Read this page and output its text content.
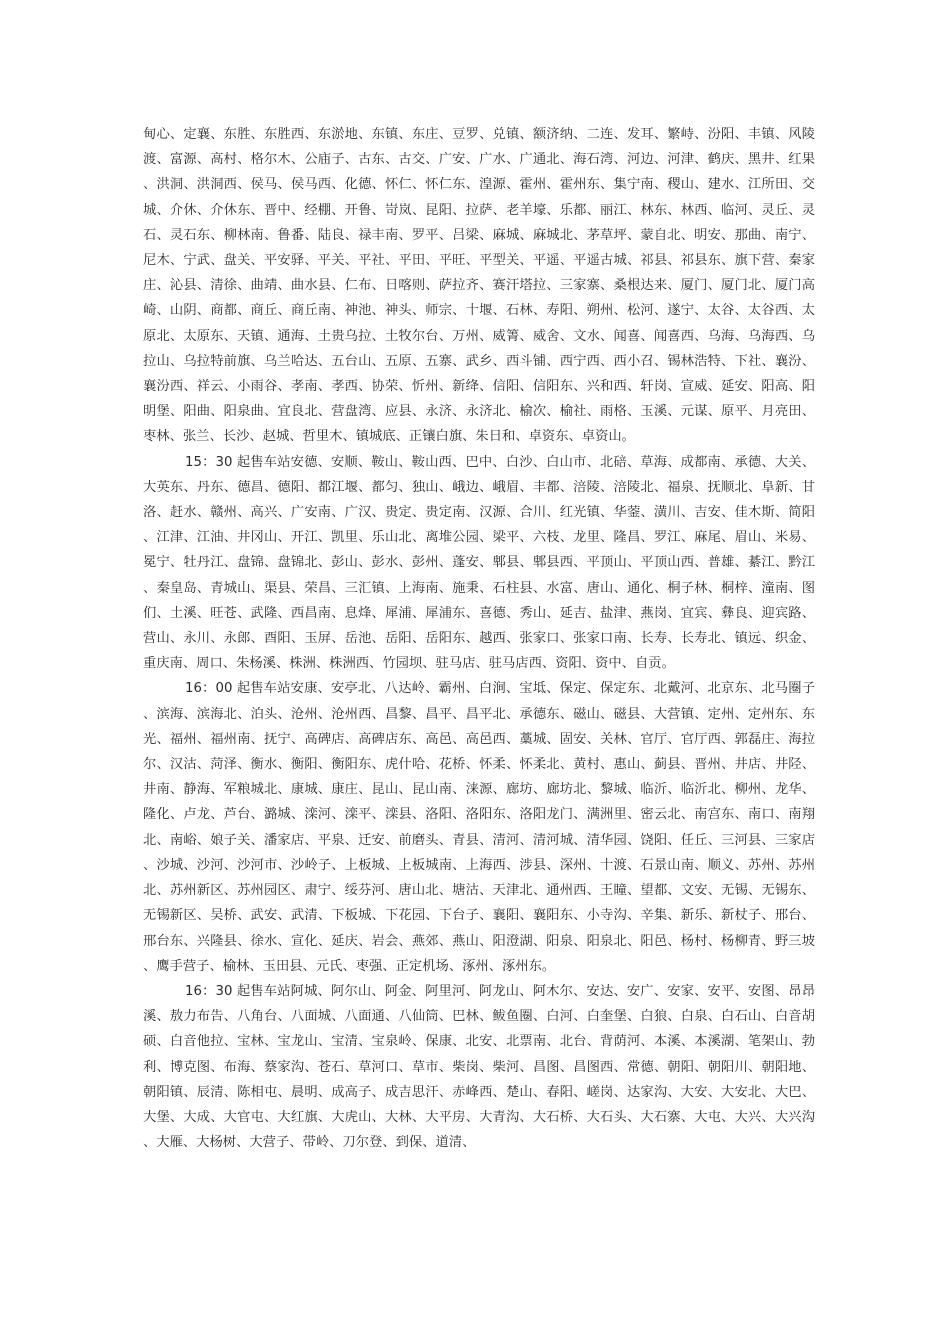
甸心、定襄、东胜、东胜西、东淤地、东镇、东庄、豆罗、兑镇、额济纳、二连、发耳、繁峙、汾阳、丰镇、风陵渡、富源、高村、格尔木、公庙子、古东、古交、广安、广水、广通北、海石湾、河边、河津、鹤庆、黑井、红果、洪洞、洪洞西、侯马、侯马西、化德、怀仁、怀仁东、湟源、霍州、霍州东、集宁南、稷山、建水、江所田、交城、介休、介休东、晋中、经棚、开鲁、岢岚、昆阳、拉萨、老羊壕、乐都、丽江、林东、林西、临河、灵丘、灵石、灵石东、柳林南、鲁番、陆良、禄丰南、罗平、吕梁、麻城、麻城北、茅草坪、蒙自北、明安、那曲、南宁、尼木、宁武、盘关、平安驿、平关、平社、平田、平旺、平型关、平遥、平遥古城、祁县、祁县东、旗下营、秦家庄、沁县、清徐、曲靖、曲水县、仁布、日喀则、萨拉齐、赛汗塔拉、三家寨、桑根达来、厦门、厦门北、厦门高崎、山阴、商都、商丘、商丘南、神池、神头、师宗、十堰、石林、寿阳、朔州、松河、遂宁、太谷、太谷西、太原北、太原东、天镇、通海、土贵乌拉、土牧尔台、万州、威箐、威舍、文水、闻喜、闻喜西、乌海、乌海西、乌拉山、乌拉特前旗、乌兰哈达、五台山、五原、五寨、武乡、西斗铺、西宁西、西小召、锡林浩特、下社、襄汾、襄汾西、祥云、小雨谷、孝南、孝西、协荣、忻州、新绛、信阳、信阳东、兴和西、轩岗、宣威、延安、阳高、阳明堡、阳曲、阳泉曲、宜良北、营盘湾、应县、永济、永济北、榆次、榆社、雨格、玉溪、元谋、原平、月亮田、枣林、张兰、长沙、赵城、哲里木、镇城底、正镶白旗、朱日和、卓资东、卓资山。

15：30 起售车站安德、安顺、鞍山、鞍山西、巴中、白沙、白山市、北碚、草海、成都南、承德、大关、大英东、丹东、德昌、德阳、都江堰、都匀、独山、峨边、峨眉、丰都、涪陵、涪陵北、福泉、抚顺北、阜新、甘洛、赶水、赣州、高兴、广安南、广汉、贵定、贵定南、汉源、合川、红光镇、华蓥、潢川、吉安、佳木斯、简阳、江津、江油、井冈山、开江、凯里、乐山北、离堆公园、梁平、六枝、龙里、隆昌、罗江、麻尾、眉山、米易、冕宁、牡丹江、盘锦、盘锦北、彭山、彭水、彭州、蓬安、郫县、郫县西、平顶山、平顶山西、普雄、綦江、黔江、秦皇岛、青城山、渠县、荣昌、三汇镇、上海南、施秉、石柱县、水富、唐山、通化、桐子林、桐梓、潼南、图们、土溪、旺苍、武隆、西昌南、息烽、犀浦、犀浦东、喜德、秀山、延吉、盐津、燕岗、宜宾、彝良、迎宾路、营山、永川、永郎、酉阳、玉屏、岳池、岳阳、岳阳东、越西、张家口、张家口南、长寿、长寿北、镇远、织金、重庆南、周口、朱杨溪、株洲、株洲西、竹园坝、驻马店、驻马店西、资阳、资中、自贡。

16：00 起售车站安康、安亭北、八达岭、霸州、白涧、宝坻、保定、保定东、北戴河、北京东、北马圈子、滨海、滨海北、泊头、沧州、沧州西、昌黎、昌平、昌平北、承德东、磁山、磁县、大营镇、定州、定州东、东光、福州、福州南、抚宁、高碑店、高碑店东、高邑、高邑西、藁城、固安、关林、官厅、官厅西、郭磊庄、海拉尔、汉沽、菏泽、衡水、衡阳、衡阳东、虎什哈、花桥、怀柔、怀柔北、黄村、惠山、蓟县、晋州、井店、井陉、井南、静海、军粮城北、康城、康庄、昆山、昆山南、涞源、廊坊、廊坊北、黎城、临沂、临沂北、柳州、龙华、隆化、卢龙、芦台、潞城、滦河、滦平、滦县、洛阳、洛阳东、洛阳龙门、满洲里、密云北、南宫东、南口、南翔北、南峪、娘子关、潘家店、平泉、迁安、前磨头、青县、清河、清河城、清华园、饶阳、任丘、三河县、三家店、沙城、沙河、沙河市、沙岭子、上板城、上板城南、上海西、涉县、深州、十渡、石景山南、顺义、苏州、苏州北、苏州新区、苏州园区、肃宁、绥芬河、唐山北、塘沽、天津北、通州西、王瞳、望都、文安、无锡、无锡东、无锡新区、吴桥、武安、武清、下板城、下花园、下台子、襄阳、襄阳东、小寺沟、辛集、新乐、新杖子、邢台、邢台东、兴隆县、徐水、宣化、延庆、岩会、燕郊、燕山、阳澄湖、阳泉、阳泉北、阳邑、杨村、杨柳青、野三坡、鹰手营子、榆林、玉田县、元氏、枣强、正定机场、涿州、涿州东。

16：30 起售车站阿城、阿尔山、阿金、阿里河、阿龙山、阿木尔、安达、安广、安家、安平、安图、昂昂溪、敖力布告、八角台、八面城、八面通、八仙筒、巴林、鲅鱼圈、白河、白奎堡、白狼、白泉、白石山、白音胡硕、白音他拉、宝林、宝龙山、宝清、宝泉岭、保康、北安、北票南、北台、背荫河、本溪、本溪湖、笔架山、勃利、博克图、布海、蔡家沟、苍石、草河口、草市、柴岗、柴河、昌图、昌图西、常德、朝阳、朝阳川、朝阳地、朝阳镇、辰清、陈相屯、晨明、成高子、成吉思汗、赤峰西、楚山、春阳、嵯岗、达家沟、大安、大安北、大巴、大堡、大成、大官屯、大红旗、大虎山、大林、大平房、大青沟、大石桥、大石头、大石寨、大屯、大兴、大兴沟、大雁、大杨树、大营子、带岭、刀尔登、到保、道清、
